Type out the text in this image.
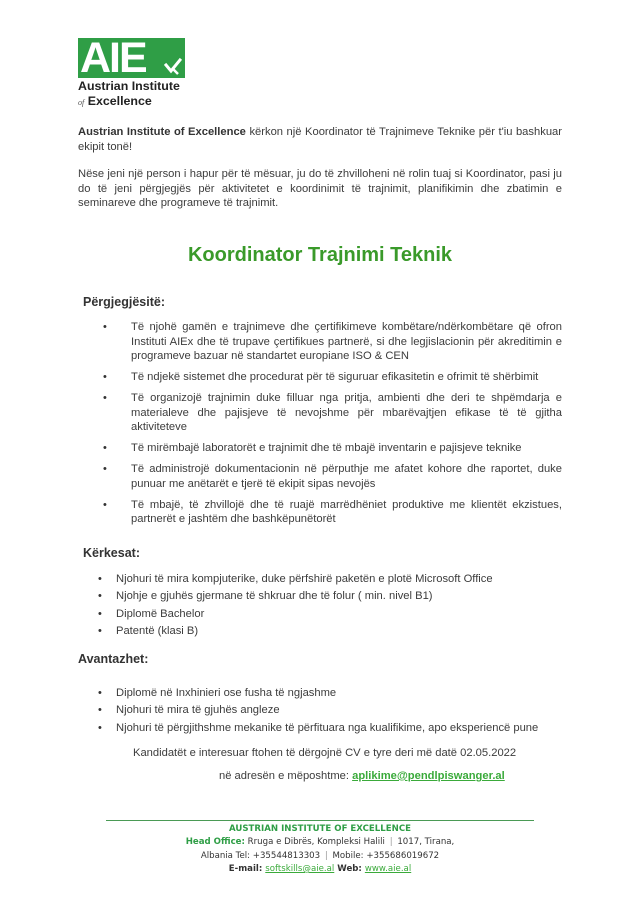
AIE
Austrian Institute
of Excellence
Austrian Institute of Excellence kërkon një Koordinator të Trajnimeve Teknike për t'iu bashkuar ekipit tonë!
Nëse jeni një person i hapur për të mësuar, ju do të zhvilloheni në rolin tuaj si Koordinator, pasi ju do të jeni përgjegjës për aktivitetet e koordinimit të trajnimit, planifikimin dhe zbatimin e seminareve dhe programeve të trajnimit.
Koordinator Trajnimi Teknik
Përgjegjësitë:
• Të njohë gamën e trajnimeve dhe çertifikimeve kombëtare/ndërkombëtare që ofron Instituti AIEx dhe të trupave çertifikues partnerë, si dhe legjislacionin për akreditimin e programeve bazuar në standartet europiane ISO & CEN
• Të ndjekë sistemet dhe procedurat për të siguruar efikasitetin e ofrimit të shërbimit
• Të organizojë trajnimin duke filluar nga pritja, ambienti dhe deri te shpëmdarja e materialeve dhe pajisjeve të nevojshme për mbarëvajtjen efikase të të gjitha aktiviteteve
• Të mirëmbajë laboratorët e trajnimit dhe të mbajë inventarin e pajisjeve teknike
• Të administrojë dokumentacionin në përputhje me afatet kohore dhe raportet, duke punuar me anëtarët e tjerë të ekipit sipas nevojës
• Të mbajë, të zhvillojë dhe të ruajë marrëdhëniet produktive me klientët ekzistues, partnerët e jashtëm dhe bashkëpunëtorët
Kërkesat:
• Njohuri të mira kompjuterike, duke përfshirë paketën e plotë Microsoft Office
• Njohje e gjuhës gjermane të shkruar dhe të folur ( min. nivel B1)
• Diplomë Bachelor
• Patentë (klasi B)
Avantazhet:
• Diplomë në Inxhinieri ose fusha të ngjashme
• Njohuri të mira të gjuhës angleze
• Njohuri të përgjithshme mekanike të përfituara nga kualifikime, apo eksperiencë pune
Kandidatët e interesuar ftohen të dërgojnë CV e tyre deri më datë 02.05.2022
në adresën e mëposhtme: aplikime@pendlpiswanger.al
AUSTRIAN INSTITUTE OF EXCELLENCE
Head Office: Rruga e Dibrës, Kompleksi Halili | 1017, Tirana,
Albania Tel: +35544813303 | Mobile: +355686019672
E-mail: softskills@aie.al Web: www.aie.al
